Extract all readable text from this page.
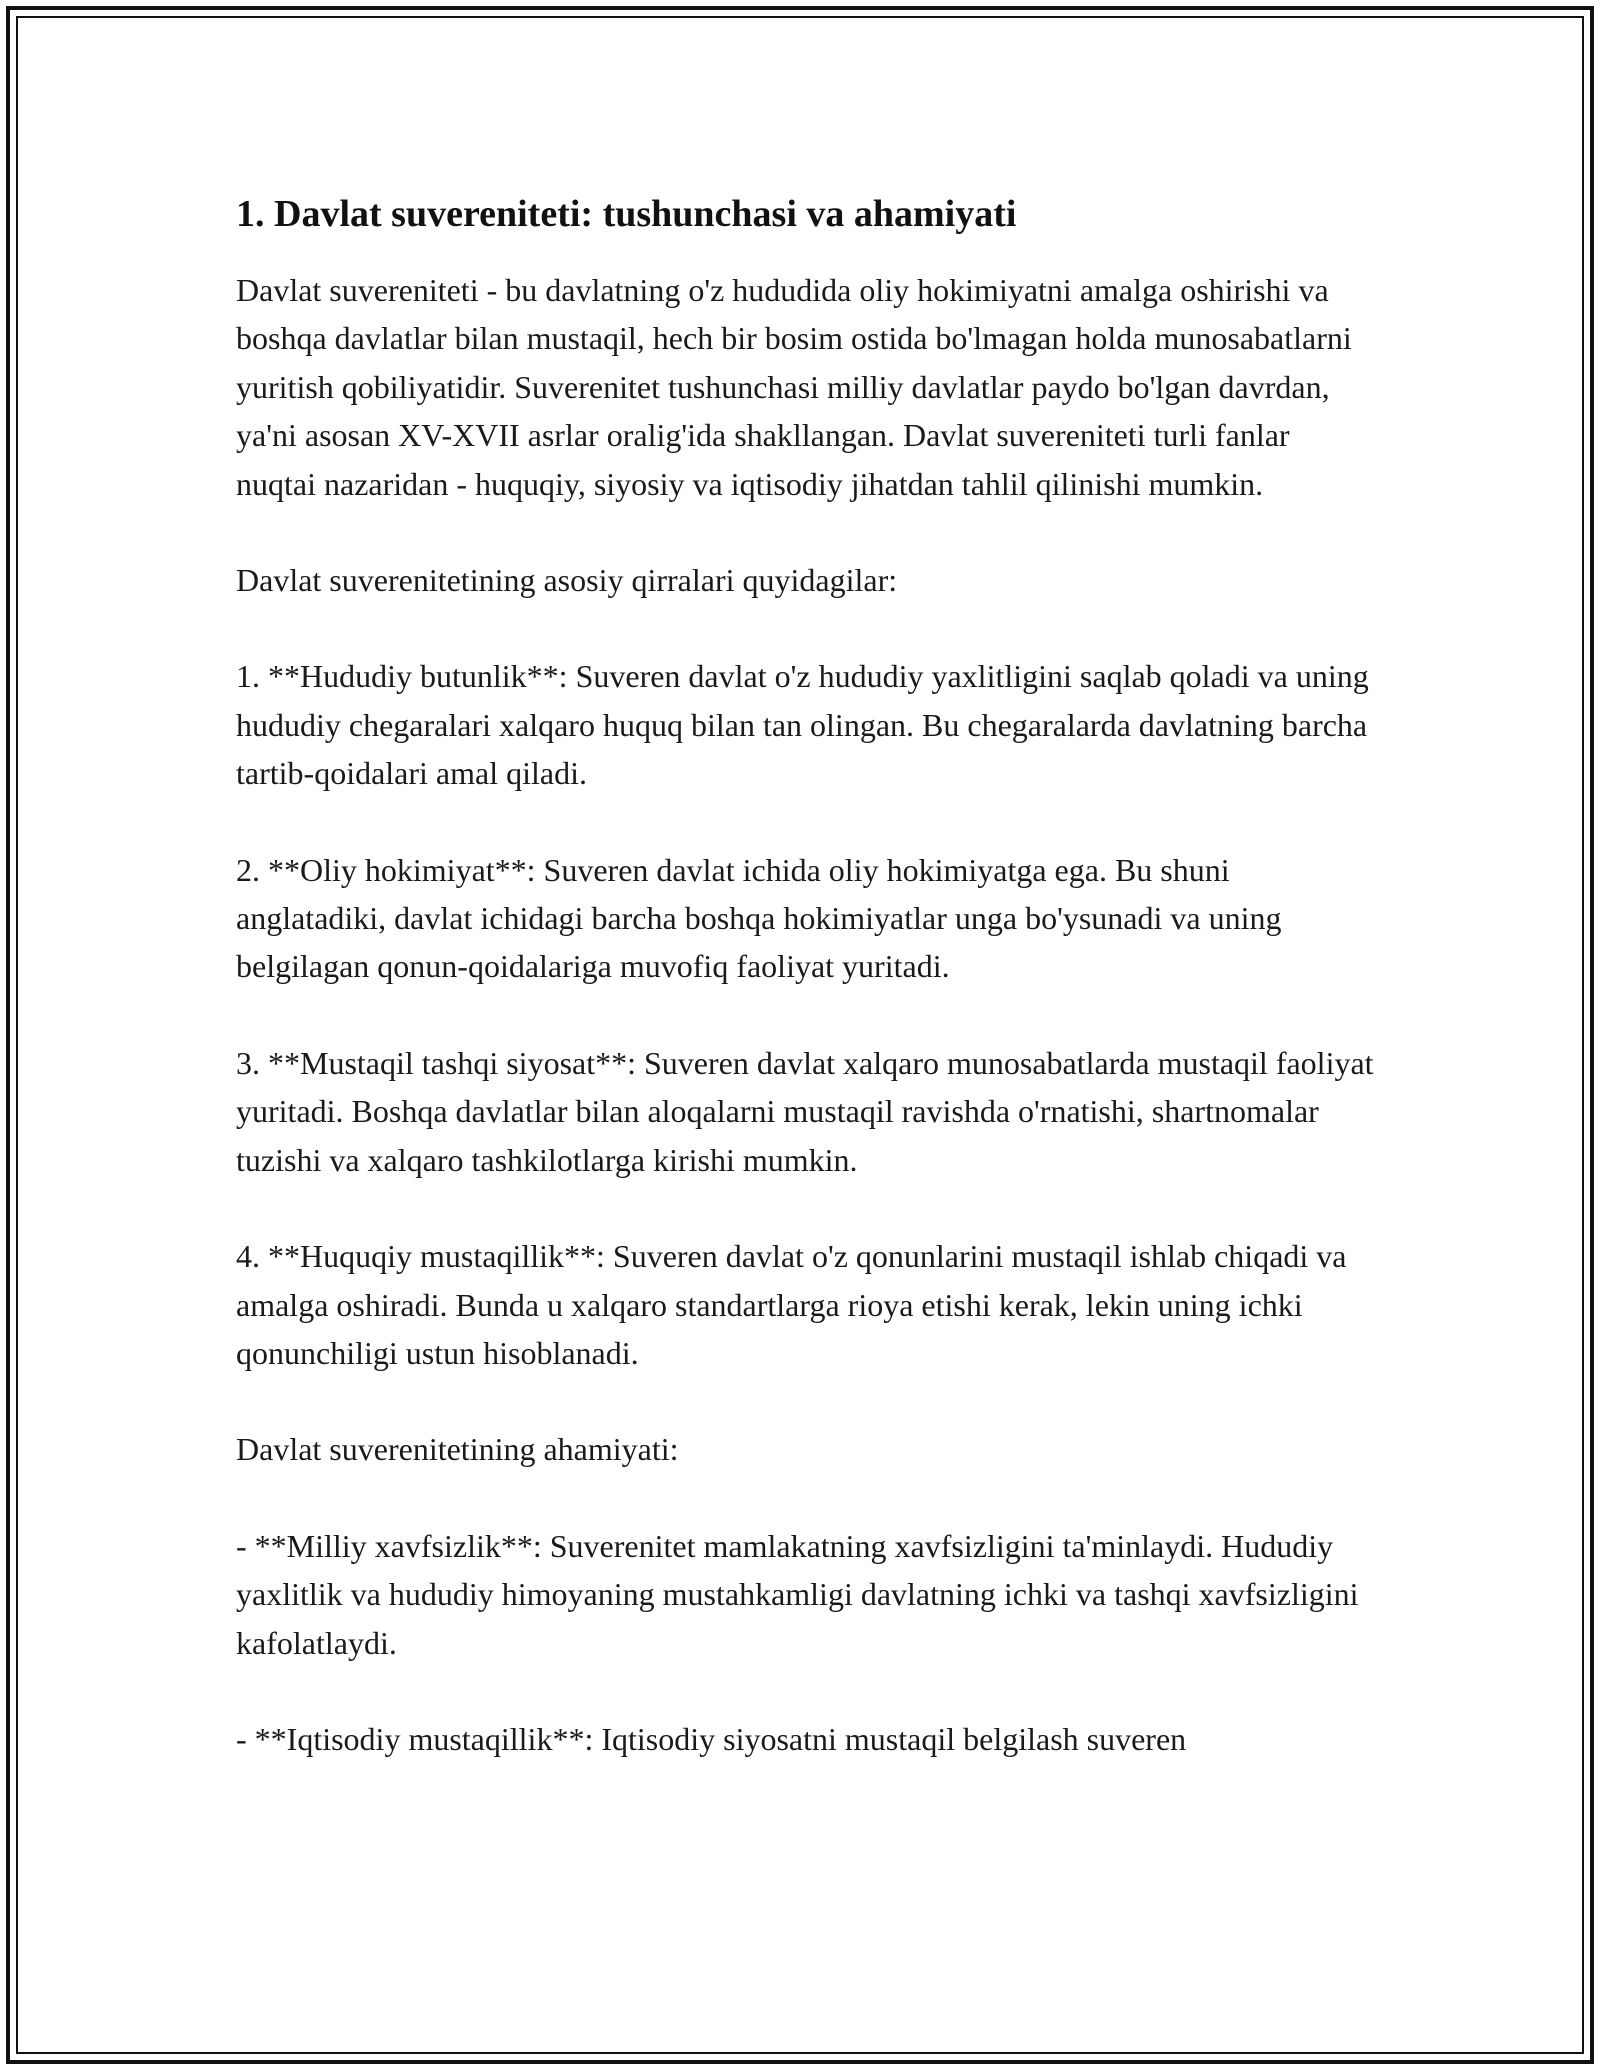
1. Davlat suvereniteti: tushunchasi va ahamiyati

Davlat suvereniteti - bu davlatning o'z hududida oliy hokimiyatni amalga oshirishi va boshqa davlatlar bilan mustaqil, hech bir bosim ostida bo'lmagan holda munosabatlarni yuritish qobiliyatidir. Suverenitet tushunchasi milliy davlatlar paydo bo'lgan davrdan, ya'ni asosan XV-XVII asrlar oralig'ida shakllangan. Davlat suvereniteti turli fanlar nuqtai nazaridan - huquqiy, siyosiy va iqtisodiy jihatdan tahlil qilinishi mumkin.

Davlat suverenitetining asosiy qirralari quyidagilar:

1. **Hududiy butunlik**: Suveren davlat o'z hududiy yaxlitligini saqlab qoladi va uning hududiy chegaralari xalqaro huquq bilan tan olingan. Bu chegaralarda davlatning barcha tartib-qoidalari amal qiladi.

2. **Oliy hokimiyat**: Suveren davlat ichida oliy hokimiyatga ega. Bu shuni anglatadiki, davlat ichidagi barcha boshqa hokimiyatlar unga bo'ysunadi va uning belgilagan qonun-qoidalariga muvofiq faoliyat yuritadi.

3. **Mustaqil tashqi siyosat**: Suveren davlat xalqaro munosabatlarda mustaqil faoliyat yuritadi. Boshqa davlatlar bilan aloqalarni mustaqil ravishda o'rnatishi, shartnomalar tuzishi va xalqaro tashkilotlarga kirishi mumkin.

4. **Huquqiy mustaqillik**: Suveren davlat o'z qonunlarini mustaqil ishlab chiqadi va amalga oshiradi. Bunda u xalqaro standartlarga rioya etishi kerak, lekin uning ichki qonunchiligi ustun hisoblanadi.

Davlat suverenitetining ahamiyati:

- **Milliy xavfsizlik**: Suverenitet mamlakatning xavfsizligini ta'minlaydi. Hududiy yaxlitlik va hududiy himoyaning mustahkamligi davlatning ichki va tashqi xavfsizligini kafolatlaydi.

- **Iqtisodiy mustaqillik**: Iqtisodiy siyosatni mustaqil belgilash suveren
